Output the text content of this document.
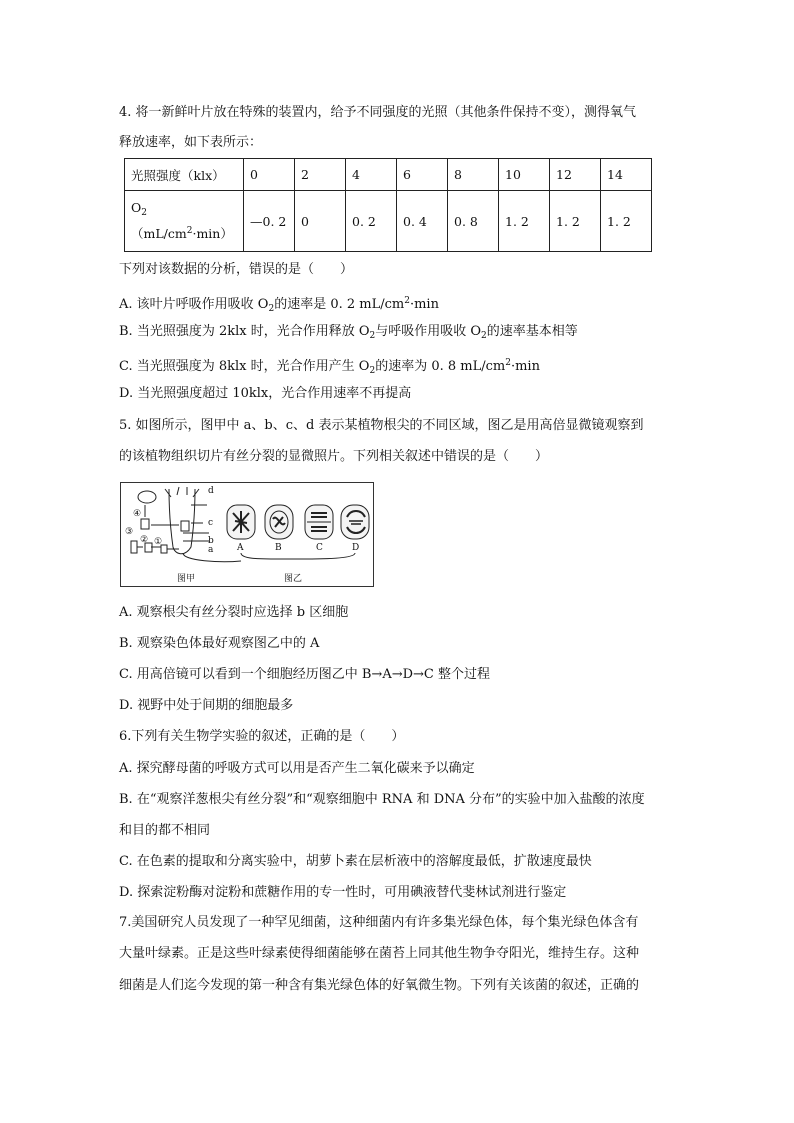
4. 将一新鲜叶片放在特殊的装置内，给予不同强度的光照（其他条件保持不变），测得氧气
释放速率，如下表所示：
光照强度（klx）	0	2	4	6	8	10	12	14

$O_2$
$(mL/cm^2\cdot\min)$	—0. 2	0	0. 2	0. 4	0. 8	1. 2	1. 2	1. 2
下列对该数据的分析，错误的是（　　）
A. 该叶片呼吸作用吸收 $O_2$的速率是 0. 2 $mL/cm^2\cdot\min$
B. 当光照强度为 2klx 时，光合作用释放 $O_2$与呼吸作用吸收 $O_2$的速率基本相等
C. 当光照强度为 8klx 时，光合作用产生 $O_2$的速率为 0. 8 $mL/cm^2\cdot\min$
D. 当光照强度超过 10klx，光合作用速率不再提高
5. 如图所示，图甲中 a、b、c、d 表示某植物根尖的不同区域，图乙是用高倍显微镜观察到
的该植物组织切片有丝分裂的显微照片。下列相关叙述中错误的是（　　）
d
c
b
a
④
③
② ①
A	B	C	D
图甲	图乙
A. 观察根尖有丝分裂时应选择 b 区细胞
B. 观察染色体最好观察图乙中的 A
C. 用高倍镜可以看到一个细胞经历图乙中 B→A→D→C 整个过程
D. 视野中处于间期的细胞最多
6.下列有关生物学实验的叙述，正确的是（　　）
A. 探究酵母菌的呼吸方式可以用是否产生二氧化碳来予以确定
B. 在“观察洋葱根尖有丝分裂”和“观察细胞中 RNA 和 DNA 分布”的实验中加入盐酸的浓度
和目的都不相同
C. 在色素的提取和分离实验中，胡萝卜素在层析液中的溶解度最低，扩散速度最快
D. 探索淀粉酶对淀粉和蔗糖作用的专一性时，可用碘液替代斐林试剂进行鉴定
7.美国研究人员发现了一种罕见细菌，这种细菌内有许多集光绿色体，每个集光绿色体含有
大量叶绿素。正是这些叶绿素使得细菌能够在菌苔上同其他生物争夺阳光，维持生存。这种
细菌是人们迄今发现的第一种含有集光绿色体的好氧微生物。下列有关该菌的叙述，正确的
